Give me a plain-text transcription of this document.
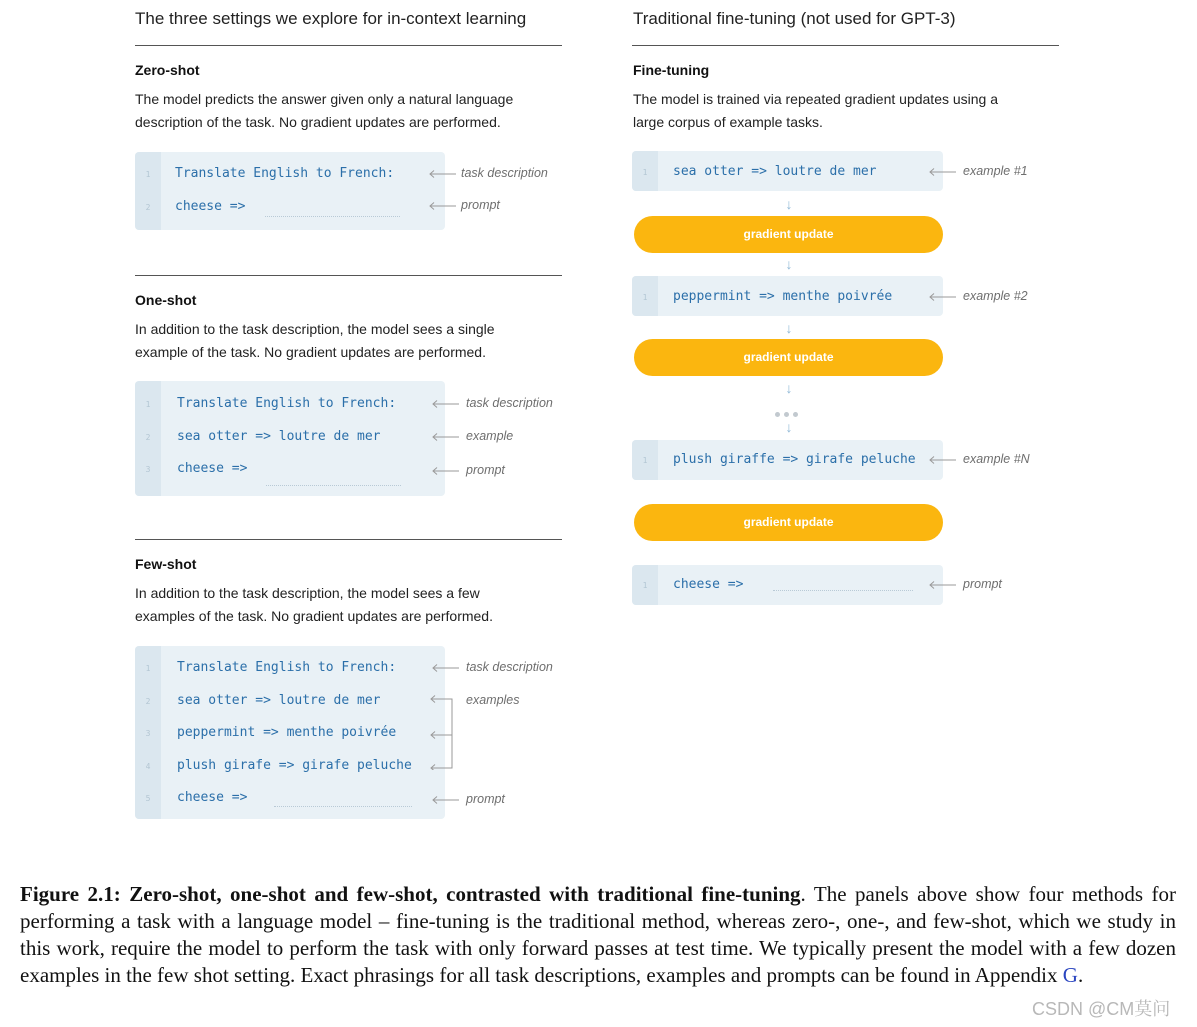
The three settings we explore for in-context learning
Zero-shot
The model predicts the answer given only a natural language
description of the task. No gradient updates are performed.
1	Translate English to French:
2	cheese =>
task description
prompt
One-shot
In addition to the task description, the model sees a single
example of the task. No gradient updates are performed.
1	Translate English to French:
2	sea otter => loutre de mer
3	cheese =>
task description
example
prompt
Few-shot
In addition to the task description, the model sees a few
examples of the task. No gradient updates are performed.
1	Translate English to French:
2	sea otter => loutre de mer
3	peppermint => menthe poivrée
4	plush girafe => girafe peluche
5	cheese =>
task description
examples
prompt
Traditional fine-tuning (not used for GPT-3)
Fine-tuning
The model is trained via repeated gradient updates using a
large corpus of example tasks.
1	sea otter => loutre de mer	example #1
↓
gradient update
↓
1	peppermint => menthe poivrée	example #2
↓
gradient update
↓
↓
1	plush giraffe => girafe peluche	example #N
gradient update
1	cheese =>	prompt
Figure 2.1: Zero-shot, one-shot and few-shot, contrasted with traditional fine-tuning. The panels above show four methods for performing a task with a language model – fine-tuning is the traditional method, whereas zero-, one-, and few-shot, which we study in this work, require the model to perform the task with only forward passes at test time. We typically present the model with a few dozen examples in the few shot setting. Exact phrasings for all task descriptions, examples and prompts can be found in Appendix G.
CSDN @CM莫问
